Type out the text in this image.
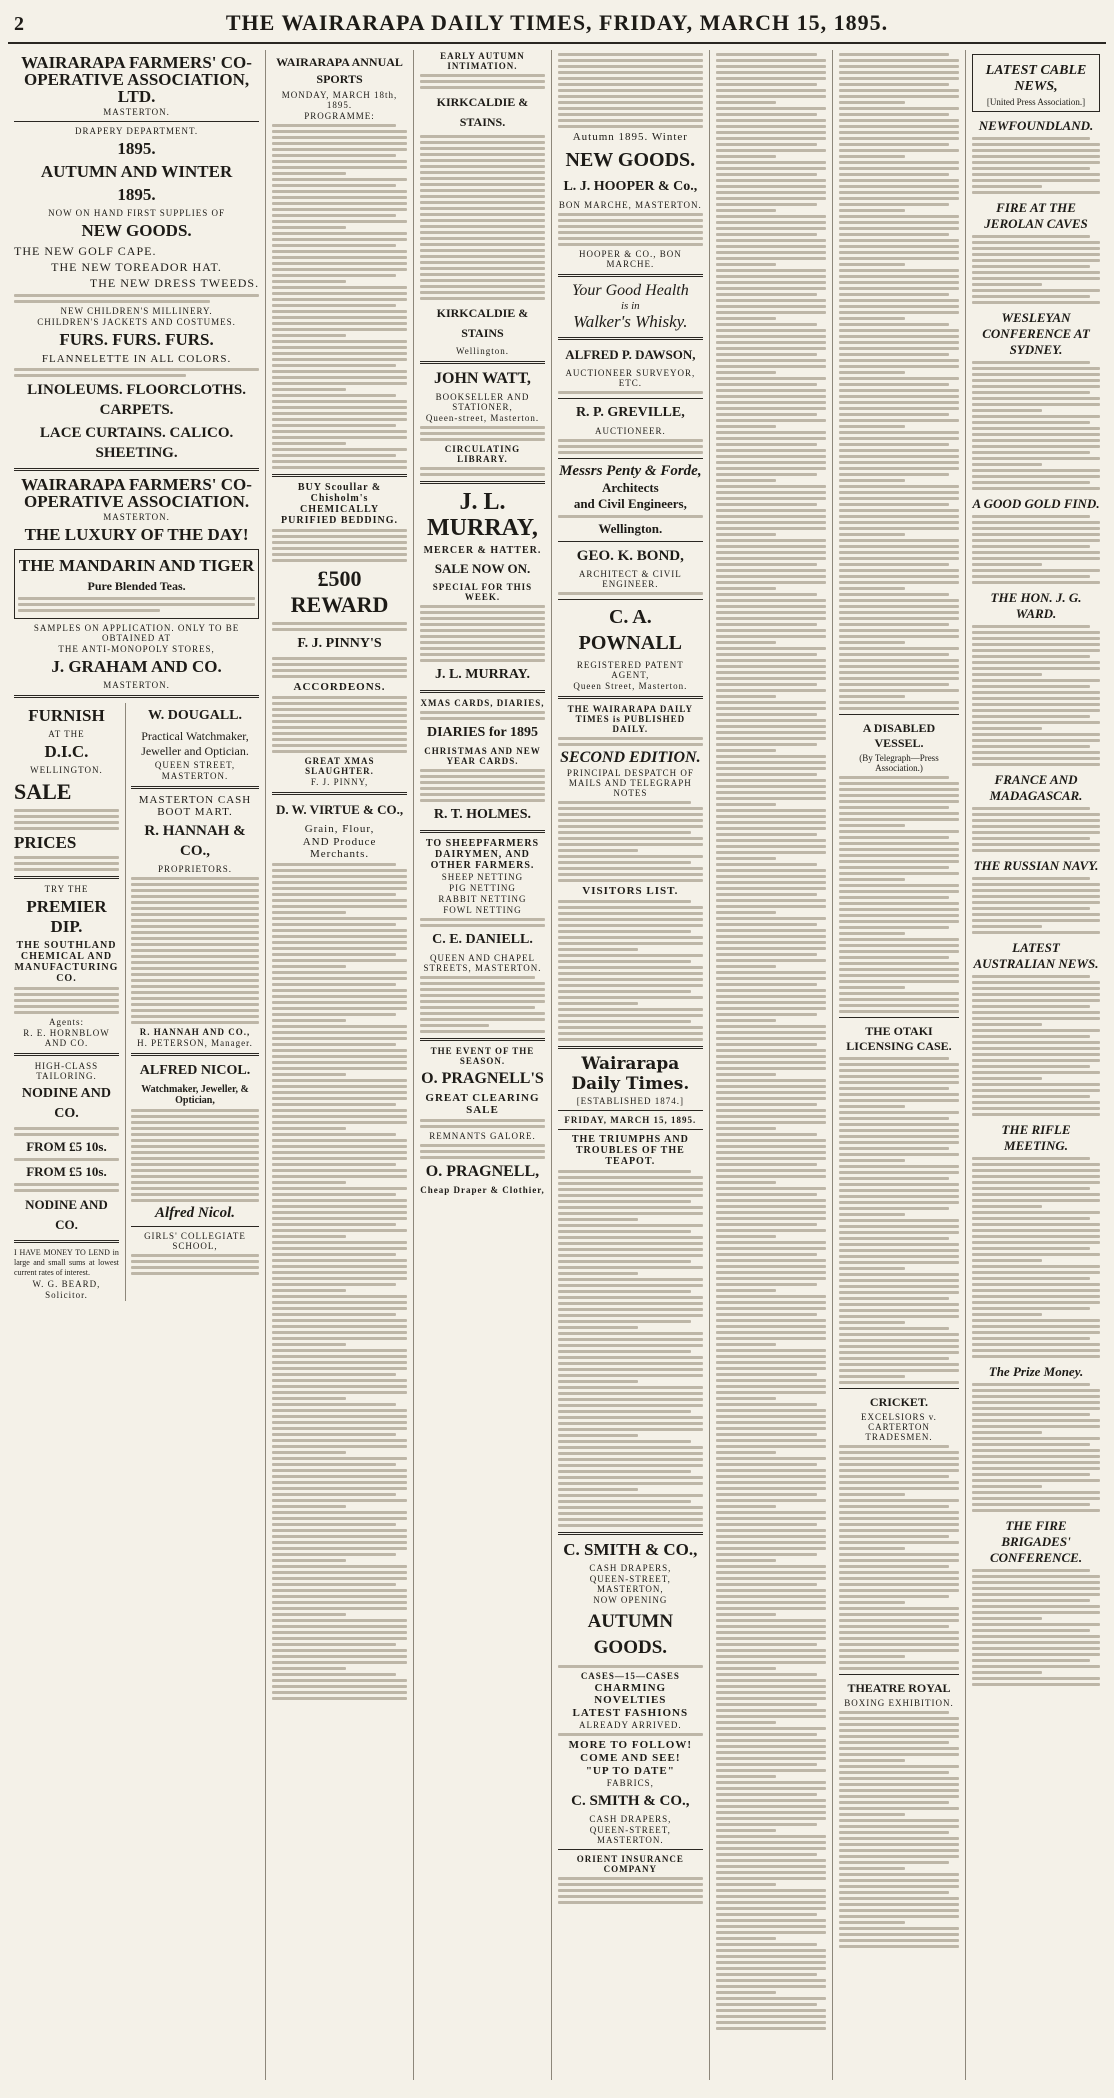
2	THE WAIRARAPA DAILY TIMES, FRIDAY, MARCH 15, 1895.
WAIRARAPA FARMERS' CO-OPERATIVE ASSOCIATION, LTD.
MASTERTON.
DRAPERY DEPARTMENT.
1895.
AUTUMN AND WINTER
1895.
NOW ON HAND FIRST SUPPLIES OF
NEW GOODS.
THE NEW GOLF CAPE.
THE NEW TOREADOR HAT.
THE NEW DRESS TWEEDS.
NEW CHILDREN'S MILLINERY.
CHILDREN'S JACKETS AND COSTUMES.
FURS. FURS. FURS.
FLANNELETTE IN ALL COLORS.
LINOLEUMS. FLOORCLOTHS. CARPETS.
LACE CURTAINS. CALICO. SHEETING.
WAIRARAPA FARMERS' CO-OPERATIVE ASSOCIATION.
MASTERTON.
THE LUXURY OF THE DAY!
THE MANDARIN AND TIGER
Pure Blended Teas.
SAMPLES ON APPLICATION. ONLY TO BE OBTAINED AT
THE ANTI-MONOPOLY STORES,
J. GRAHAM AND CO.
MASTERTON.
FURNISH
AT THE
D.I.C.
WELLINGTON.
SALE
PRICES
TRY THE
PREMIER DIP.
THE SOUTHLAND CHEMICAL AND MANUFACTURING CO.
Agents:
R. E. HORNBLOW AND CO.
HIGH-CLASS TAILORING.
NODINE AND CO.
FROM £5 10s.
FROM £5 10s.
NODINE AND CO.
I HAVE MONEY TO LEND in large and small sums at lowest current rates of interest.
W. G. BEARD,
Solicitor.
W. DOUGALL.
Practical Watchmaker, Jeweller and Optician.
QUEEN STREET,
MASTERTON.
MASTERTON CASH BOOT MART.
R. HANNAH & CO.,
PROPRIETORS.
R. HANNAH AND CO.,
H. PETERSON, Manager.
ALFRED NICOL.
Watchmaker, Jeweller, & Optician,
Alfred Nicol.
GIRLS' COLLEGIATE SCHOOL,
WAIRARAPA ANNUAL SPORTS
MONDAY, MARCH 18th, 1895.
PROGRAMME:
BUY Scoullar & Chisholm's CHEMICALLY PURIFIED BEDDING.
£500 REWARD
F. J. PINNY'S
ACCORDEONS.
GREAT XMAS SLAUGHTER.
F. J. PINNY,
D. W. VIRTUE & CO.,
Grain, Flour,
AND Produce Merchants.
EARLY AUTUMN INTIMATION.
KIRKCALDIE & STAINS.
KIRKCALDIE & STAINS
Wellington.
JOHN WATT,
BOOKSELLER AND STATIONER,
Queen-street, Masterton.
CIRCULATING LIBRARY.
J. L. MURRAY,
MERCER & HATTER.
SALE NOW ON.
SPECIAL FOR THIS WEEK.
J. L. MURRAY.
XMAS CARDS, DIARIES,
DIARIES for 1895
CHRISTMAS AND NEW YEAR CARDS.
R. T. HOLMES.
TO SHEEPFARMERS DAIRYMEN, AND OTHER FARMERS.
SHEEP NETTING
PIG NETTING
RABBIT NETTING
FOWL NETTING
C. E. DANIELL.
QUEEN AND CHAPEL STREETS, MASTERTON.
THE EVENT OF THE SEASON.
O. PRAGNELL'S
GREAT CLEARING SALE
REMNANTS GALORE.
O. PRAGNELL,
Cheap Draper & Clothier,
Autumn 1895. Winter
NEW GOODS.
L. J. HOOPER & Co.,
BON MARCHE, MASTERTON.
HOOPER & CO., BON MARCHE.
Your Good Health
is in
Walker's Whisky.
ALFRED P. DAWSON,
AUCTIONEER SURVEYOR, ETC.
R. P. GREVILLE,
AUCTIONEER.
Messrs Penty & Forde,
Architects
and Civil Engineers,
Wellington.
GEO. K. BOND,
ARCHITECT & CIVIL ENGINEER.
C. A. POWNALL
REGISTERED PATENT AGENT,
Queen Street, Masterton.
THE WAIRARAPA DAILY TIMES is PUBLISHED DAILY.
SECOND EDITION.
PRINCIPAL DESPATCH OF MAILS AND TELEGRAPH NOTES
VISITORS LIST.
Wairarapa Daily Times.
[ESTABLISHED 1874.]
FRIDAY, MARCH 15, 1895.
THE TRIUMPHS AND TROUBLES OF THE TEAPOT.
C. SMITH & CO.,
CASH DRAPERS,
QUEEN-STREET, MASTERTON,
NOW OPENING
AUTUMN GOODS.
CASES—15—CASES
CHARMING NOVELTIES
LATEST FASHIONS
ALREADY ARRIVED.
MORE TO FOLLOW!
COME AND SEE!
"UP TO DATE"
FABRICS,
C. SMITH & CO.,
CASH DRAPERS,
QUEEN-STREET, MASTERTON.
ORIENT INSURANCE COMPANY
A DISABLED VESSEL.
(By Telegraph—Press Association.)
THE OTAKI LICENSING CASE.
CRICKET.
EXCELSIORS v. CARTERTON TRADESMEN.
THEATRE ROYAL
BOXING EXHIBITION.
LATEST CABLE NEWS,
[United Press Association.]
NEWFOUNDLAND.
FIRE AT THE JEROLAN CAVES
WESLEYAN CONFERENCE AT SYDNEY.
A GOOD GOLD FIND.
THE HON. J. G. WARD.
FRANCE AND MADAGASCAR.
THE RUSSIAN NAVY.
LATEST AUSTRALIAN NEWS.
THE RIFLE MEETING.
The Prize Money.
THE FIRE BRIGADES' CONFERENCE.
